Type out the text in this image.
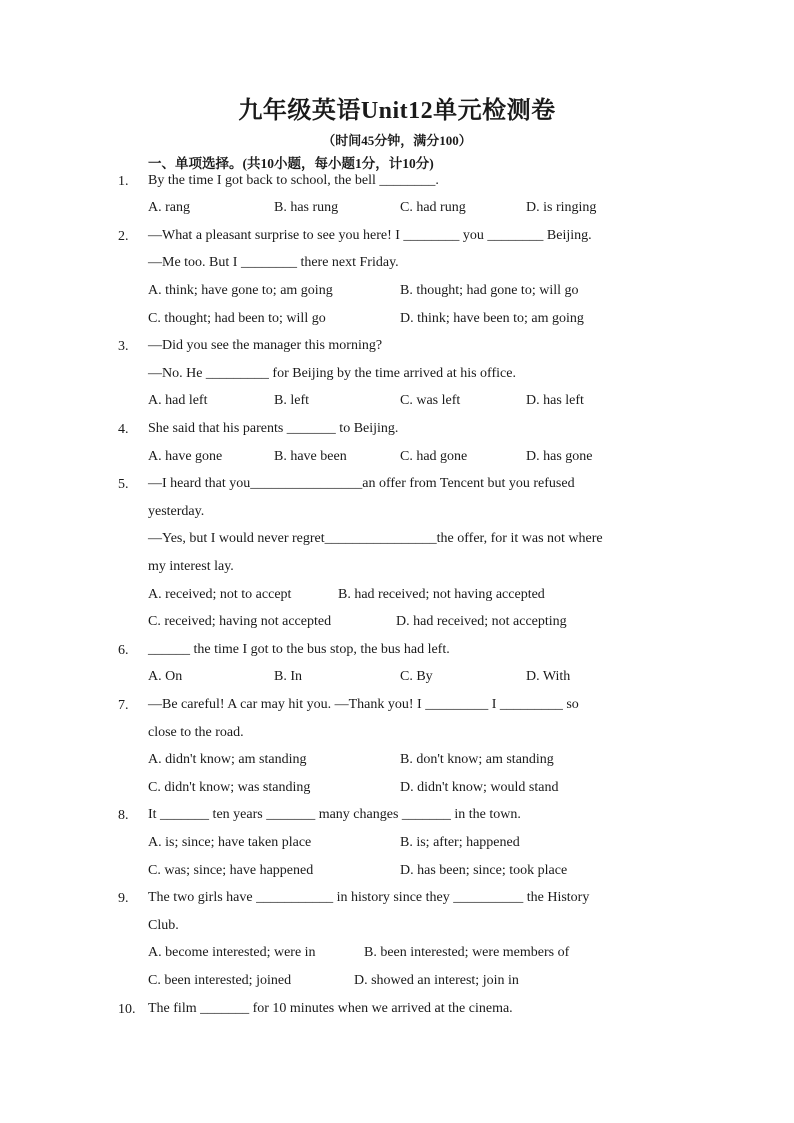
九年级英语Unit12单元检测卷
（时间45分钟，满分100）
一、单项选择。(共10小题，每小题1分，计10分)
1.	By the time I got back to school, the bell ________.
A. rang	B. has rung	C. had rung	D. is ringing
2.	—What a pleasant surprise to see you here! I ________ you ________ Beijing.
—Me too. But I ________ there next Friday.
A. think; have gone to; am going	B. thought; had gone to; will go
C. thought; had been to; will go	D. think; have been to; am going
3.	—Did you see the manager this morning?
—No. He _________ for Beijing by the time arrived at his office.
A. had left	B. left	C. was left	D. has left
4.	She said that his parents _______ to Beijing.
A. have gone	B. have been	C. had gone	D. has gone
5.	—I heard that you________________an offer from Tencent but you refused
yesterday.
—Yes, but I would never regret________________the offer, for it was not where
my interest lay.
A. received; not to accept	B. had received; not having accepted
C. received; having not accepted	D. had received; not accepting
6.	______ the time I got to the bus stop, the bus had left.
A. On	B. In	C. By	D. With
7.	—Be careful! A car may hit you. —Thank you! I _________ I _________ so
close to the road.
A. didn't know; am standing	B. don't know; am standing
C. didn't know; was standing	D. didn't know; would stand
8.	It _______ ten years _______ many changes _______ in the town.
A. is; since; have taken place	B. is; after; happened
C. was; since; have happened	D. has been; since; took place
9.	The two girls have ___________ in history since they __________ the History
Club.
A. become interested; were in	B. been interested; were members of
C. been interested; joined	D. showed an interest; join in
10. The film _______ for 10 minutes when we arrived at the cinema.
